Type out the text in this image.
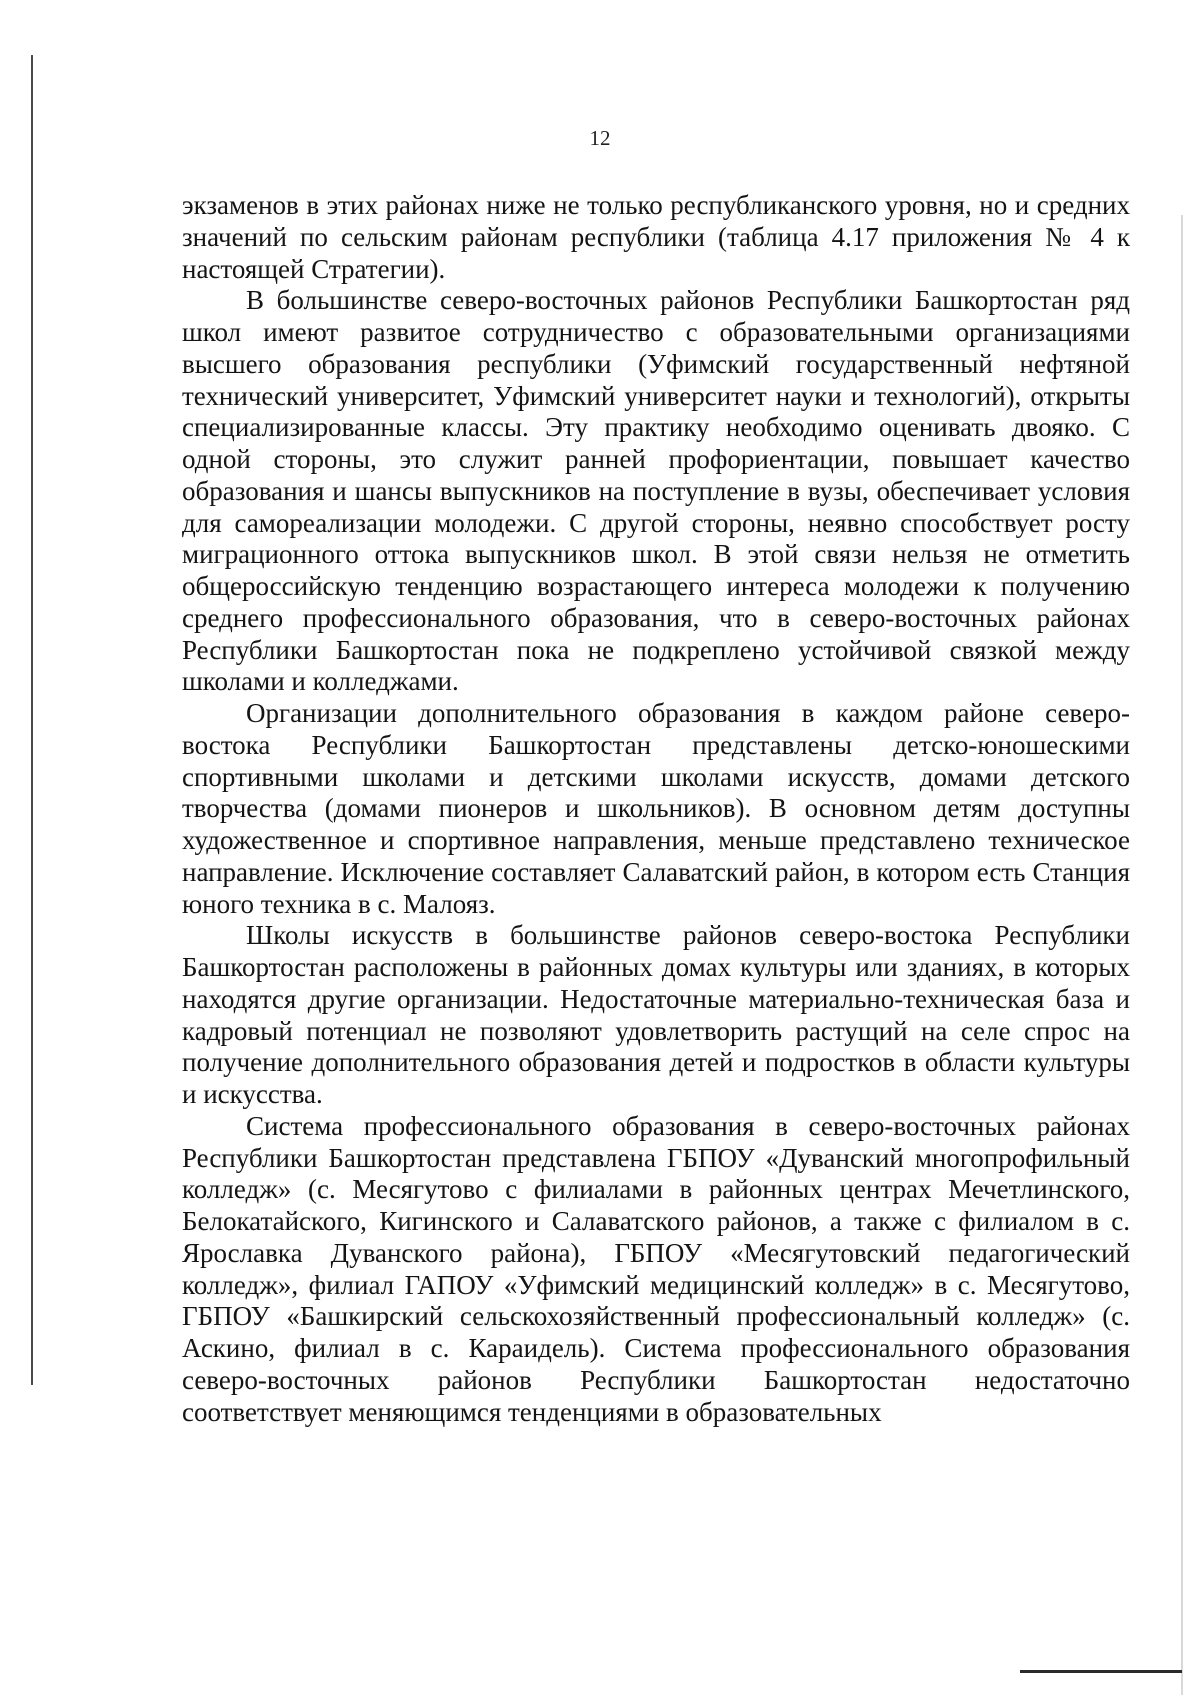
12

экзаменов в этих районах ниже не только республиканского уровня, но и средних значений по сельским районам республики (таблица 4.17 приложения № 4 к настоящей Стратегии).

В большинстве северо-восточных районов Республики Башкортостан ряд школ имеют развитое сотрудничество с образовательными организациями высшего образования республики (Уфимский государственный нефтяной технический университет, Уфимский университет науки и технологий), открыты специализированные классы. Эту практику необходимо оценивать двояко. С одной стороны, это служит ранней профориентации, повышает качество образования и шансы выпускников на поступление в вузы, обеспечивает условия для самореализации молодежи. С другой стороны, неявно способствует росту миграционного оттока выпускников школ. В этой связи нельзя не отметить общероссийскую тенденцию возрастающего интереса молодежи к получению среднего профессионального образования, что в северо-восточных районах Республики Башкортостан пока не подкреплено устойчивой связкой между школами и колледжами.

Организации дополнительного образования в каждом районе северо-востока Республики Башкортостан представлены детско-юношескими спортивными школами и детскими школами искусств, домами детского творчества (домами пионеров и школьников). В основном детям доступны художественное и спортивное направления, меньше представлено техническое направление. Исключение составляет Салаватский район, в котором есть Станция юного техника в с. Малояз.

Школы искусств в большинстве районов северо-востока Республики Башкортостан расположены в районных домах культуры или зданиях, в которых находятся другие организации. Недостаточные материально-техническая база и кадровый потенциал не позволяют удовлетворить растущий на селе спрос на получение дополнительного образования детей и подростков в области культуры и искусства.

Система профессионального образования в северо-восточных районах Республики Башкортостан представлена ГБПОУ «Дуванский многопрофильный колледж» (с. Месягутово с филиалами в районных центрах Мечетлинского, Белокатайского, Кигинского и Салаватского районов, а также с филиалом в с. Ярославка Дуванского района), ГБПОУ «Месягутовский педагогический колледж», филиал ГАПОУ «Уфимский медицинский колледж» в с. Месягутово, ГБПОУ «Башкирский сельскохозяйственный профессиональный колледж» (с. Аскино, филиал в с. Караидель). Система профессионального образования северо-восточных районов Республики Башкортостан недостаточно соответствует меняющимся тенденциями в образовательных
